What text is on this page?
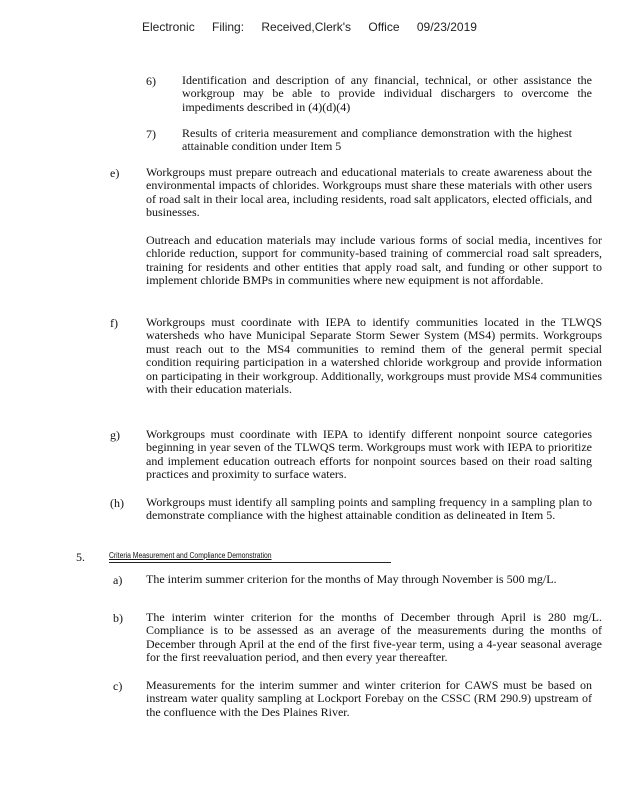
Electronic Filing: Received,Clerk's Office 09/23/2019
6) Identification and description of any financial, technical, or other assistance the workgroup may be able to provide individual dischargers to overcome the impediments described in (4)(d)(4)
7) Results of criteria measurement and compliance demonstration with the highest attainable condition under Item 5
e) Workgroups must prepare outreach and educational materials to create awareness about the environmental impacts of chlorides. Workgroups must share these materials with other users of road salt in their local area, including residents, road salt applicators, elected officials, and businesses.
Outreach and education materials may include various forms of social media, incentives for chloride reduction, support for community-based training of commercial road salt spreaders, training for residents and other entities that apply road salt, and funding or other support to implement chloride BMPs in communities where new equipment is not affordable.
f) Workgroups must coordinate with IEPA to identify communities located in the TLWQS watersheds who have Municipal Separate Storm Sewer System (MS4) permits. Workgroups must reach out to the MS4 communities to remind them of the general permit special condition requiring participation in a watershed chloride workgroup and provide information on participating in their workgroup. Additionally, workgroups must provide MS4 communities with their education materials.
g) Workgroups must coordinate with IEPA to identify different nonpoint source categories beginning in year seven of the TLWQS term. Workgroups must work with IEPA to prioritize and implement education outreach efforts for nonpoint sources based on their road salting practices and proximity to surface waters.
(h) Workgroups must identify all sampling points and sampling frequency in a sampling plan to demonstrate compliance with the highest attainable condition as delineated in Item 5.
5.	Criteria Measurement and Compliance Demonstration
a) The interim summer criterion for the months of May through November is 500 mg/L.
b) The interim winter criterion for the months of December through April is 280 mg/L. Compliance is to be assessed as an average of the measurements during the months of December through April at the end of the first five-year term, using a 4-year seasonal average for the first reevaluation period, and then every year thereafter.
c) Measurements for the interim summer and winter criterion for CAWS must be based on instream water quality sampling at Lockport Forebay on the CSSC (RM 290.9) upstream of the confluence with the Des Plaines River.
